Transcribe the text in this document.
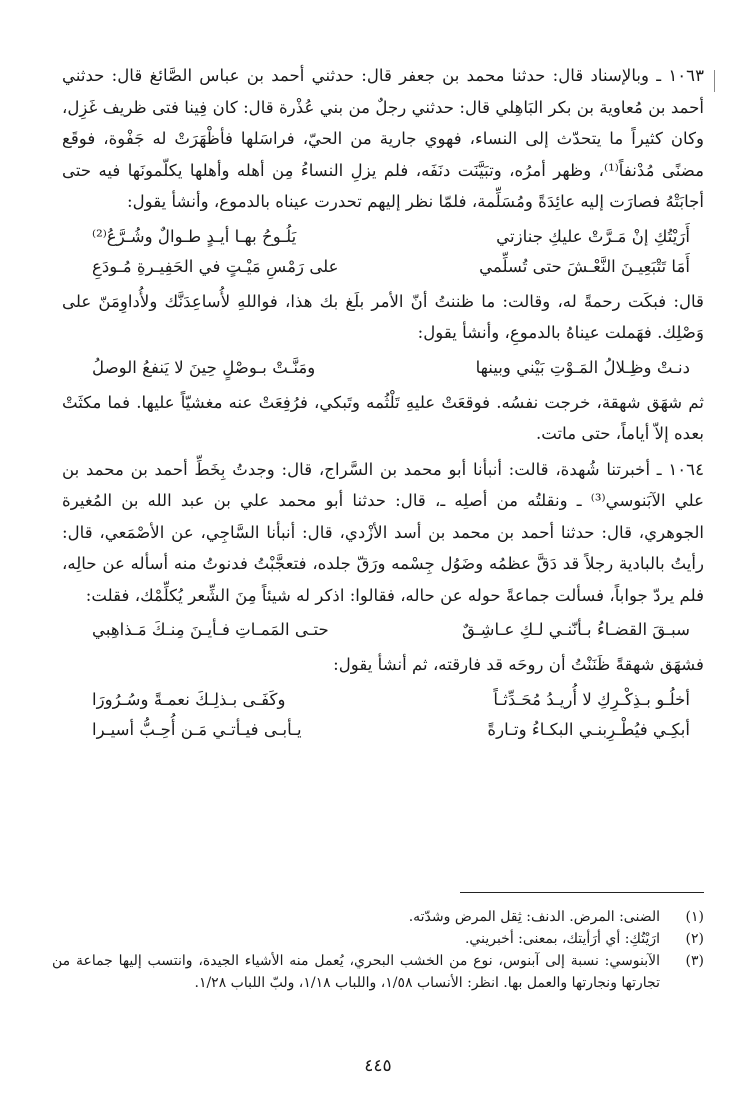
١٠٦٣ ـ وبالإسناد قال: حدثنا محمد بن جعفر قال: حدثني أحمد بن عباس الصَّائغ قال: حدثني أحمد بن مُعاوية بن بكر البَاهِلي قال: حدثني رجلٌ من بني عُذْرة قال: كان فِينا فتى ظريف غَزِل، وكان كثيراً ما يتحدّث إلى النساء، فهوي جارية من الحيّ، فراسَلها فأظْهَرَتْ له جَفْوة، فوقَع مضنًى مُدْنفاً⁽¹⁾، وظهر أمرُه، وتبَيَّنَت دنَفَه، فلم يزلِ النساءُ مِن أهله وأهلها يكلّمونَها فيه حتى أجابَتْهُ فصارَت إليه عائِدَةً ومُسَلِّمة، فلمّا نظر إليهم تحدرت عيناه بالدموع، وأنشأ يقول:

أَرَيْتُكِ إنْ مَـرَّتْ عليكِ جنازتي
يَلُـوحُ بهـا أيـدٍ طـوالٌ وشُـرَّعُ⁽²⁾
أَمَا تَتْبَعِيـنَ النَّعْـشَ حتى تُسلِّمي
على رَمْسِ مَيْـتٍ في الحَفِيـرةِ مُـودَعِ

قال: فبكَت رحمةً له، وقالت: ما ظننتُ أنّ الأمر بلَغ بك هذا، فواللهِ لأُساعِدَنَّك ولأُداوِمَنّ على وَصْلِك. فهَملت عيناهُ بالدموعِ، وأنشأ يقول:

دنـتْ وظِـلالُ المَـوْتِ بَيْني وبينها
ومَنَّـتْ بـوصْلٍ حِينَ لا يَنفعُ الوصلُ

ثم شهَق شهقة، خرجت نفسُه. فوقعَتْ عليهِ تَلْثُمه وتَبكي، فرُفِعَتْ عنه مغشيّاً عليها. فما مكثَتْ بعده إلاّ أياماً، حتى ماتت.

١٠٦٤ ـ أخبرتنا شُهدة، قالت: أنبأنا أبو محمد بن السَّراج، قال: وجدتُ بِخَطِّ أحمد بن محمد بن علي الآبَنوسي⁽³⁾ ـ ونقلتُه من أصلِه ـ، قال: حدثنا أبو محمد علي بن عبد الله بن المُغيرة الجوهري، قال: حدثنا أحمد بن محمد بن أسد الأزْدي، قال: أنبأنا السَّاجِي، عن الأصْمَعي، قال: رأيتُ بالبادية رجلاً قد دَقَّ عظمُه وضَوُل جِسْمه ورَقّ جلده، فتعجَّبْتُ فدنوتُ منه أسأله عن حالِه، فلم يردّ جواباً، فسألت جماعةً حوله عن حاله، فقالوا: اذكر له شيئاً مِنَ الشِّعر يُكلِّمْك، فقلت:

سبـقَ القضـاءُ بـأنّنـي لـكِ عـاشِـقٌ
حتـى المَمـاتِ فـأيـنَ مِنـكَ مَـذاهِبي

فشهَق شهقةً ظَنَنْتُ أن روحَه قد فارقته، ثم أنشأ يقول:

أخلُـو بـذِكْـرِكِ لا أُريـدُ مُحَـدِّثـاً
وكَفَـى بـذلِـكَ نعمـةً وسُـرُورَا
أبكِـي فيُطْـرِبنـي البكـاءُ وتـارةً
يـأبـى فيـأتـي مَـن أُحِـبُّ أسيـرا
(١)
الضنى: المرض. الدنف: ثِقل المرض وشدّته.
(٢)
ارَيْتُكِ: أي أرَأيتك، بمعنى: أخبريني.
(٣)
الآبنوسي: نسبة إلى آبنوس، نوع من الخشب البحري، يُعمل منه الأشياء الجيدة، وانتسب إليها جماعة من تجارتها ونجارتها والعمل بها. انظر: الأنساب ١/٥٨، واللباب ١/١٨، ولبّ اللباب ١/٢٨.
٤٤٥
